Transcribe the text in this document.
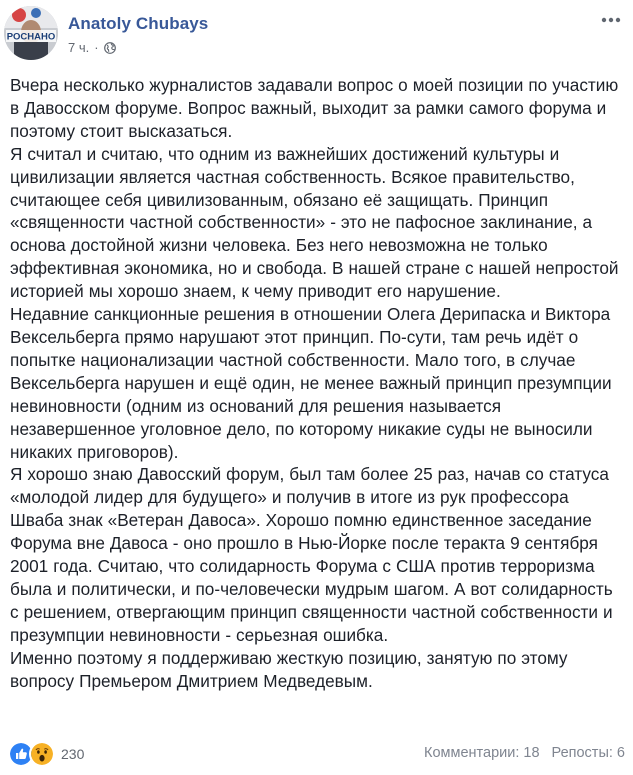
РОСНАНО
Anatoly Chubays
7 ч. ·

Вчера несколько журналистов задавали вопрос о моей позиции по участию в Давосском форуме. Вопрос важный, выходит за рамки самого форума и поэтому стоит высказаться.

Я считал и считаю, что одним из важнейших достижений культуры и цивилизации является частная собственность. Всякое правительство, считающее себя цивилизованным, обязано её защищать. Принцип «священности частной собственности» - это не пафосное заклинание, а основа достойной жизни человека. Без него невозможна не только эффективная экономика, но и свобода. В нашей стране с нашей непростой историей мы хорошо знаем, к чему приводит его нарушение.

Недавние санкционные решения в отношении Олега Дерипаска и Виктора Вексельберга прямо нарушают этот принцип. По-сути, там речь идёт о попытке национализации частной собственности. Мало того, в случае Вексельберга нарушен и ещё один, не менее важный принцип презумпции невиновности (одним из оснований для решения называется незавершенное уголовное дело, по которому никакие суды не выносили никаких приговоров).

Я хорошо знаю Давосский форум, был там более 25 раз, начав со статуса «молодой лидер для будущего» и получив в итоге из рук профессора Шваба знак «Ветеран Давоса». Хорошо помню единственное заседание Форума вне Давоса - оно прошло в Нью-Йорке после теракта 9 сентября 2001 года. Считаю, что солидарность Форума с США против терроризма была и политически, и по-человечески мудрым шагом. А вот солидарность с решением, отвергающим принцип священности частной собственности и презумпции невиновности - серьезная ошибка.

Именно поэтому я поддерживаю жесткую позицию, занятую по этому вопросу Премьером Дмитрием Медведевым.

230	Комментарии: 18 Репосты: 6
